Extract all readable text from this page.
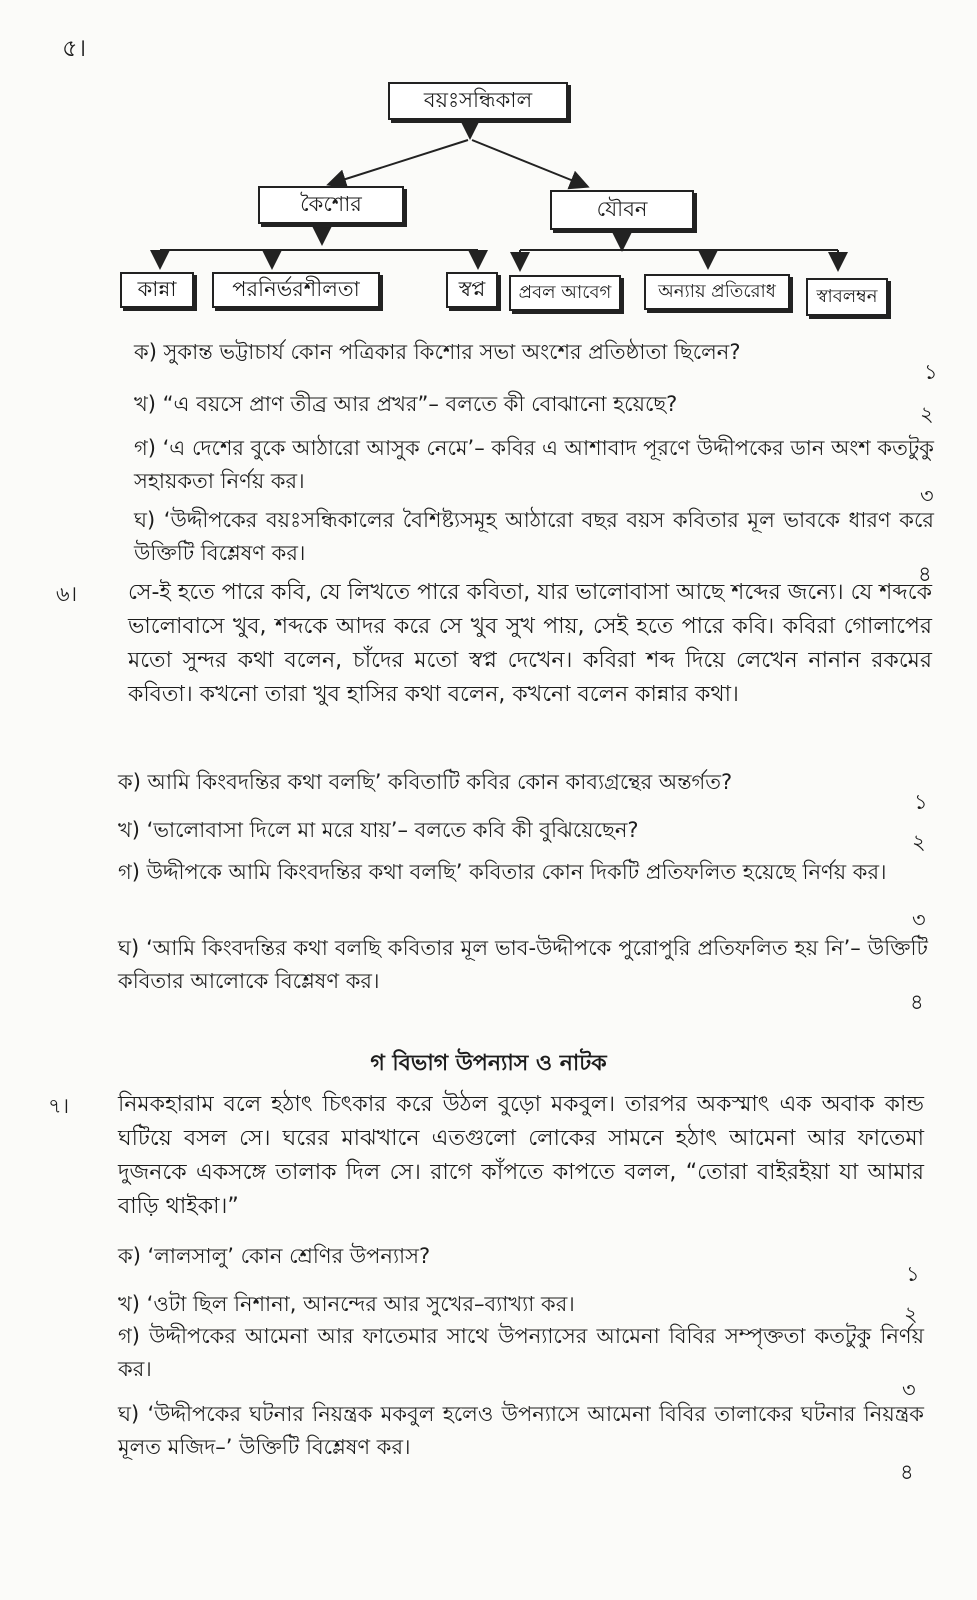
৫।
বয়ঃসন্ধিকাল
কৈশোর	যৌবন
কান্না	পরনির্ভরশীলতা	স্বপ্ন	প্রবল আবেগ	অন্যায় প্রতিরোধ	স্বাবলম্বন
ক) সুকান্ত ভট্টাচার্য কোন পত্রিকার কিশোর সভা অংশের প্রতিষ্ঠাতা ছিলেন?
১
খ) “এ বয়সে প্রাণ তীব্র আর প্রখর”– বলতে কী বোঝানো হয়েছে?	২
গ) ‘এ দেশের বুকে আঠারো আসুক নেমে’– কবির এ আশাবাদ পূরণে উদ্দীপকের ডান অংশ কতটুকু সহায়কতা নির্ণয় কর।
৩
ঘ) ‘উদ্দীপকের বয়ঃসন্ধিকালের বৈশিষ্ট্যসমূহ আঠারো বছর বয়স কবিতার মূল ভাবকে ধারণ করে উক্তিটি বিশ্লেষণ কর।
৪
৬। সে-ই হতে পারে কবি, যে লিখতে পারে কবিতা, যার ভালোবাসা আছে শব্দের জন্যে। যে শব্দকে ভালোবাসে খুব, শব্দকে আদর করে সে খুব সুখ পায়, সেই হতে পারে কবি। কবিরা গোলাপের মতো সুন্দর কথা বলেন, চাঁদের মতো স্বপ্ন দেখেন। কবিরা শব্দ দিয়ে লেখেন নানান রকমের কবিতা। কখনো তারা খুব হাসির কথা বলেন, কখনো বলেন কান্নার কথা।
ক) আমি কিংবদন্তির কথা বলছি’ কবিতাটি কবির কোন কাব্যগ্রন্থের অন্তর্গত?
১
খ) ‘ভালোবাসা দিলে মা মরে যায়’– বলতে কবি কী বুঝিয়েছেন?	২
গ) উদ্দীপকে আমি কিংবদন্তির কথা বলছি’ কবিতার কোন দিকটি প্রতিফলিত হয়েছে নির্ণয় কর।
৩
ঘ) ‘আমি কিংবদন্তির কথা বলছি কবিতার মূল ভাব-উদ্দীপকে পুরোপুরি প্রতিফলিত হয় নি’– উক্তিটি কবিতার আলোকে বিশ্লেষণ কর।
৪
গ বিভাগ উপন্যাস ও নাটক
৭। নিমকহারাম বলে হঠাৎ চিৎকার করে উঠল বুড়ো মকবুল। তারপর অকস্মাৎ এক অবাক কান্ড ঘটিয়ে বসল সে। ঘরের মাঝখানে এতগুলো লোকের সামনে হঠাৎ আমেনা আর ফাতেমা দুজনকে একসঙ্গে তালাক দিল সে। রাগে কাঁপতে কাপতে বলল, “তোরা বাইরইয়া যা আমার বাড়ি থাইকা।”
ক) ‘লালসালু’ কোন শ্রেণির উপন্যাস?
১
খ) ‘ওটা ছিল নিশানা, আনন্দের আর সুখের–ব্যাখ্যা কর।	২
গ) উদ্দীপকের আমেনা আর ফাতেমার সাথে উপন্যাসের আমেনা বিবির সম্পৃক্ততা কতটুকু নির্ণয় কর।
৩
ঘ) ‘উদ্দীপকের ঘটনার নিয়ন্ত্রক মকবুল হলেও উপন্যাসে আমেনা বিবির তালাকের ঘটনার নিয়ন্ত্রক মূলত মজিদ–’ উক্তিটি বিশ্লেষণ কর।
৪
